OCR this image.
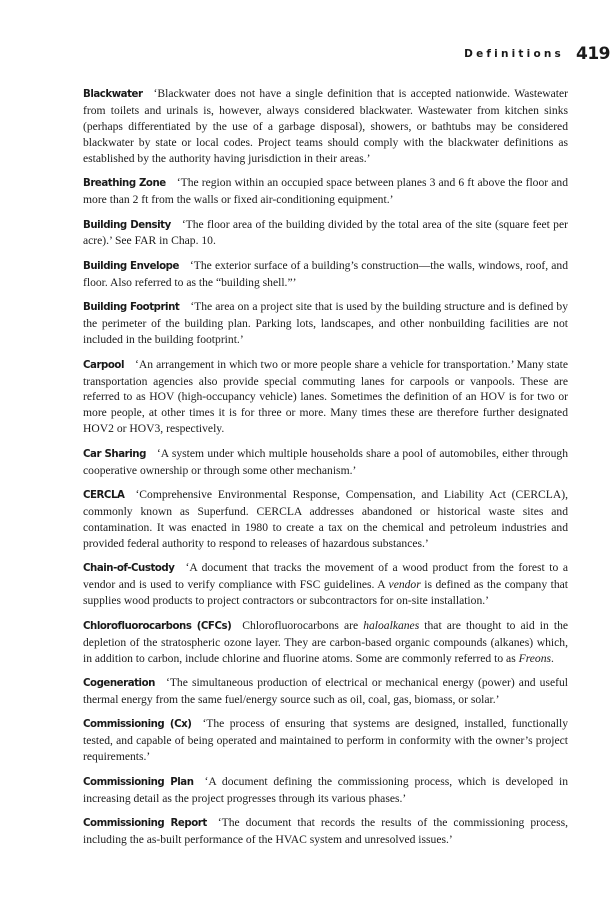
Definitions 419

Blackwater ‘Blackwater does not have a single definition that is accepted nationwide. Wastewater from toilets and urinals is, however, always considered blackwater. Wastewater from kitchen sinks (perhaps differentiated by the use of a garbage disposal), showers, or bathtubs may be considered blackwater by state or local codes. Project teams should comply with the blackwater definitions as established by the authority having jurisdiction in their areas.’

Breathing Zone ‘The region within an occupied space between planes 3 and 6 ft above the floor and more than 2 ft from the walls or fixed air-conditioning equipment.’

Building Density ‘The floor area of the building divided by the total area of the site (square feet per acre).’ See FAR in Chap. 10.

Building Envelope ‘The exterior surface of a building’s construction—the walls, windows, roof, and floor. Also referred to as the “building shell.”’

Building Footprint ‘The area on a project site that is used by the building structure and is defined by the perimeter of the building plan. Parking lots, landscapes, and other nonbuilding facilities are not included in the building footprint.’

Carpool ‘An arrangement in which two or more people share a vehicle for transportation.’ Many state transportation agencies also provide special commuting lanes for carpools or vanpools. These are referred to as HOV (high-occupancy vehicle) lanes. Sometimes the definition of an HOV is for two or more people, at other times it is for three or more. Many times these are therefore further designated HOV2 or HOV3, respectively.

Car Sharing ‘A system under which multiple households share a pool of automobiles, either through cooperative ownership or through some other mechanism.’

CERCLA ‘Comprehensive Environmental Response, Compensation, and Liability Act (CERCLA), commonly known as Superfund. CERCLA addresses abandoned or historical waste sites and contamination. It was enacted in 1980 to create a tax on the chemical and petroleum industries and provided federal authority to respond to releases of hazardous substances.’

Chain-of-Custody ‘A document that tracks the movement of a wood product from the forest to a vendor and is used to verify compliance with FSC guidelines. A vendor is defined as the company that supplies wood products to project contractors or subcontractors for on-site installation.’

Chlorofluorocarbons (CFCs) Chlorofluorocarbons are haloalkanes that are thought to aid in the depletion of the stratospheric ozone layer. They are carbon-based organic compounds (alkanes) which, in addition to carbon, include chlorine and fluorine atoms. Some are commonly referred to as Freons.

Cogeneration ‘The simultaneous production of electrical or mechanical energy (power) and useful thermal energy from the same fuel/energy source such as oil, coal, gas, biomass, or solar.’

Commissioning (Cx) ‘The process of ensuring that systems are designed, installed, functionally tested, and capable of being operated and maintained to perform in conformity with the owner’s project requirements.’

Commissioning Plan ‘A document defining the commissioning process, which is developed in increasing detail as the project progresses through its various phases.’

Commissioning Report ‘The document that records the results of the commissioning process, including the as-built performance of the HVAC system and unresolved issues.’
